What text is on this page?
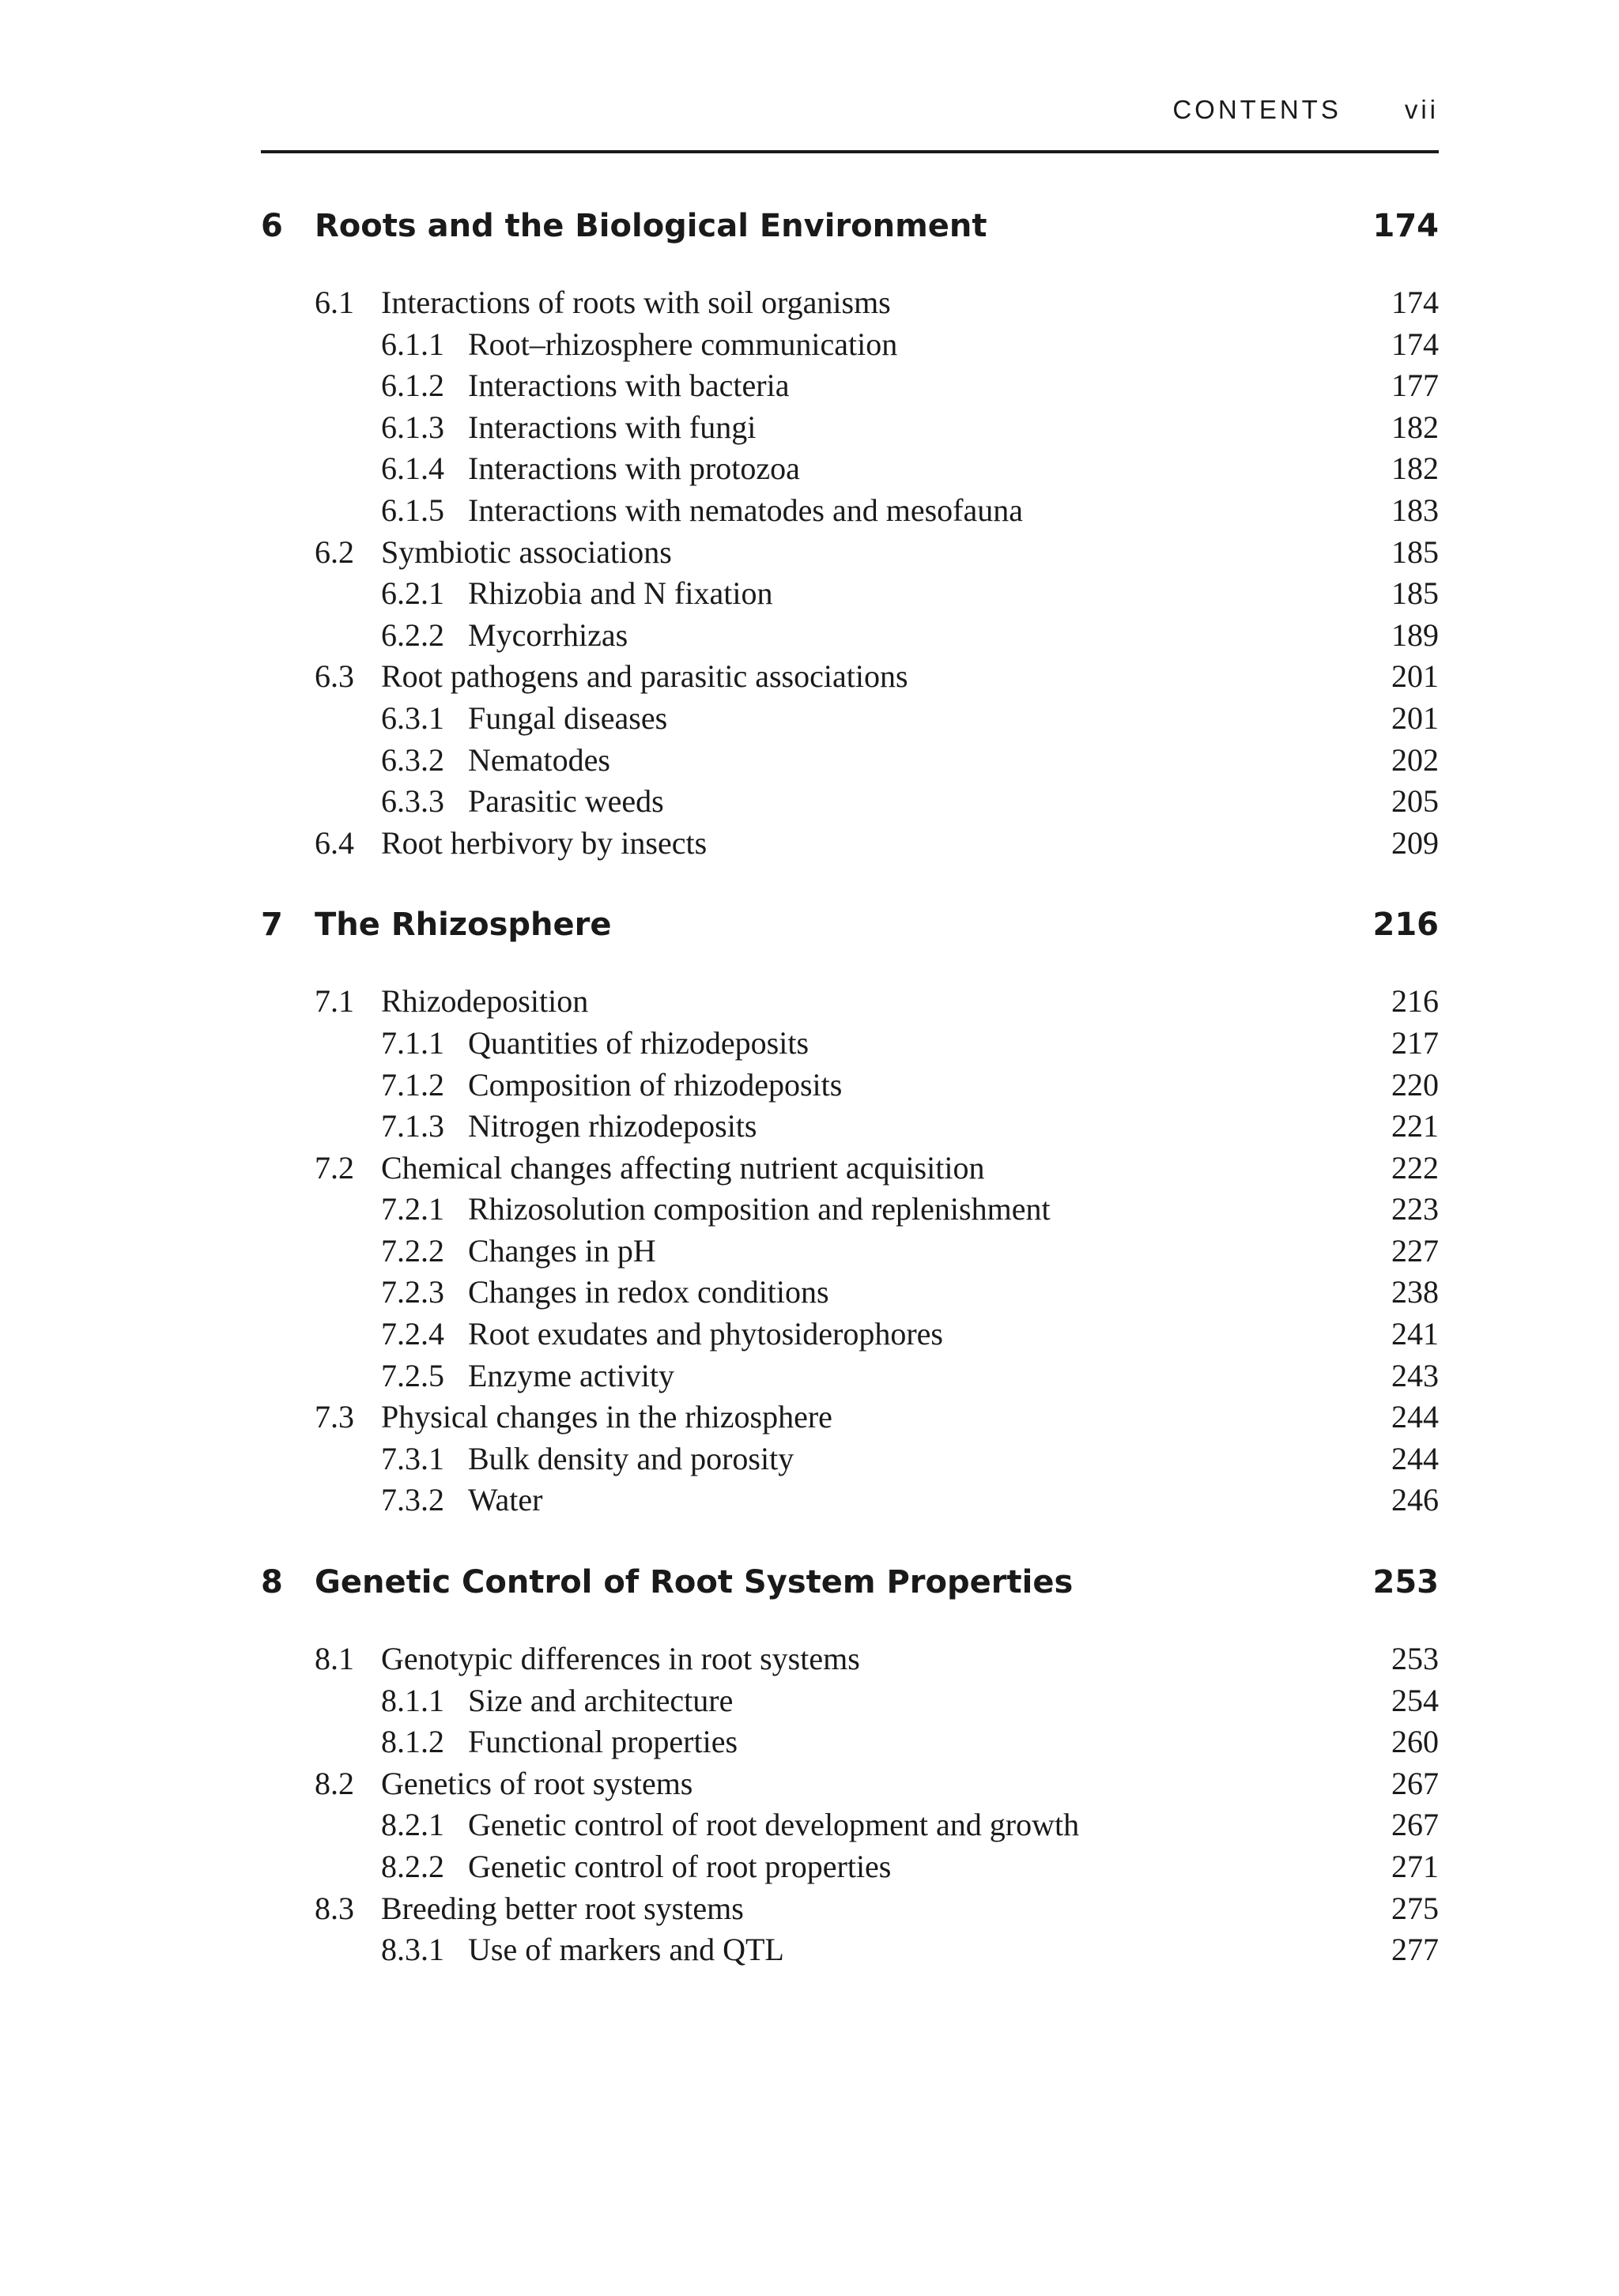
CONTENTS vii
6	Roots and the Biological Environment	174
6.1 Interactions of roots with soil organisms	174
6.1.1 Root–rhizosphere communication	174
6.1.2 Interactions with bacteria	177
6.1.3 Interactions with fungi	182
6.1.4 Interactions with protozoa	182
6.1.5 Interactions with nematodes and mesofauna	183
6.2 Symbiotic associations	185
6.2.1 Rhizobia and N fixation	185
6.2.2 Mycorrhizas	189
6.3 Root pathogens and parasitic associations	201
6.3.1 Fungal diseases	201
6.3.2 Nematodes	202
6.3.3 Parasitic weeds	205
6.4 Root herbivory by insects	209
7	The Rhizosphere	216
7.1 Rhizodeposition	216
7.1.1 Quantities of rhizodeposits	217
7.1.2 Composition of rhizodeposits	220
7.1.3 Nitrogen rhizodeposits	221
7.2 Chemical changes affecting nutrient acquisition	222
7.2.1 Rhizosolution composition and replenishment	223
7.2.2 Changes in pH	227
7.2.3 Changes in redox conditions	238
7.2.4 Root exudates and phytosiderophores	241
7.2.5 Enzyme activity	243
7.3 Physical changes in the rhizosphere	244
7.3.1 Bulk density and porosity	244
7.3.2 Water	246
8	Genetic Control of Root System Properties	253
8.1 Genotypic differences in root systems	253
8.1.1 Size and architecture	254
8.1.2 Functional properties	260
8.2 Genetics of root systems	267
8.2.1 Genetic control of root development and growth	267
8.2.2 Genetic control of root properties	271
8.3 Breeding better root systems	275
8.3.1 Use of markers and QTL	277
